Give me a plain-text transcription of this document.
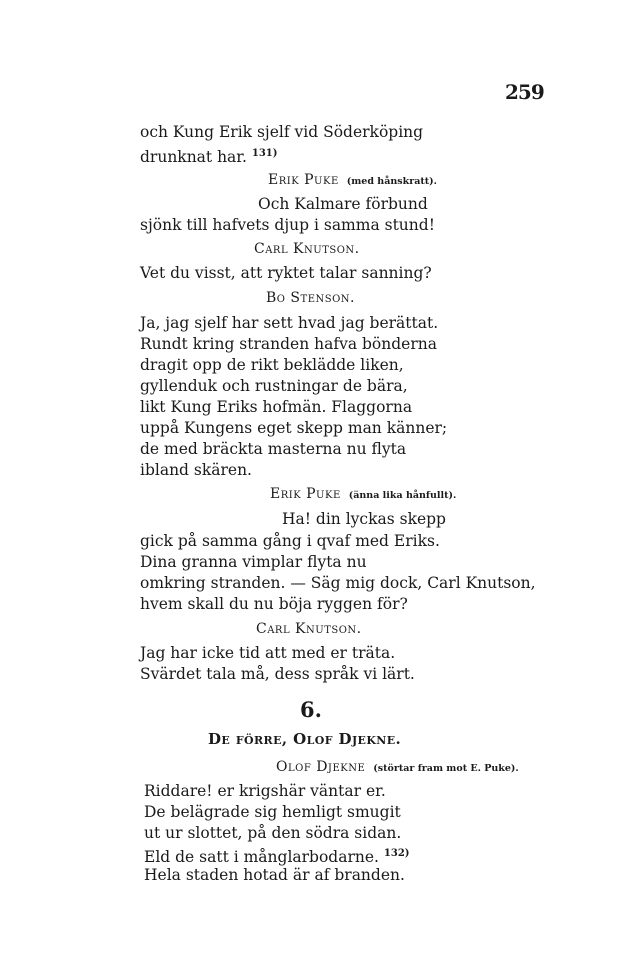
259
och Kung Erik sjelf vid Söderköping
drunknat har. $^{131)}$
Erik Puke (med hånskratt).
Och Kalmare förbund
sjönk till hafvets djup i samma stund!
Carl Knutson.
Vet du visst, att ryktet talar sanning?
Bo Stenson.
Ja, jag sjelf har sett hvad jag berättat.
Rundt kring stranden hafva bönderna
dragit opp de rikt beklädde liken,
gyllenduk och rustningar de bära,
likt Kung Eriks hofmän. Flaggorna
uppå Kungens eget skepp man känner;
de med bräckta masterna nu flyta
ibland skären.
Erik Puke (änna lika hånfullt).
Ha! din lyckas skepp
gick på samma gång i qvaf med Eriks.
Dina granna vimplar flyta nu
omkring stranden. — Säg mig dock, Carl Knutson,
hvem skall du nu böja ryggen för?
Carl Knutson.
Jag har icke tid att med er träta.
Svärdet tala må, dess språk vi lärt.
6.
De förre, Olof Djekne.
Olof Djekne (störtar fram mot E. Puke).
Riddare! er krigshär väntar er.
De belägrade sig hemligt smugit
ut ur slottet, på den södra sidan.
Eld de satt i månglarbodarne. $^{132)}$
Hela staden hotad är af branden.
